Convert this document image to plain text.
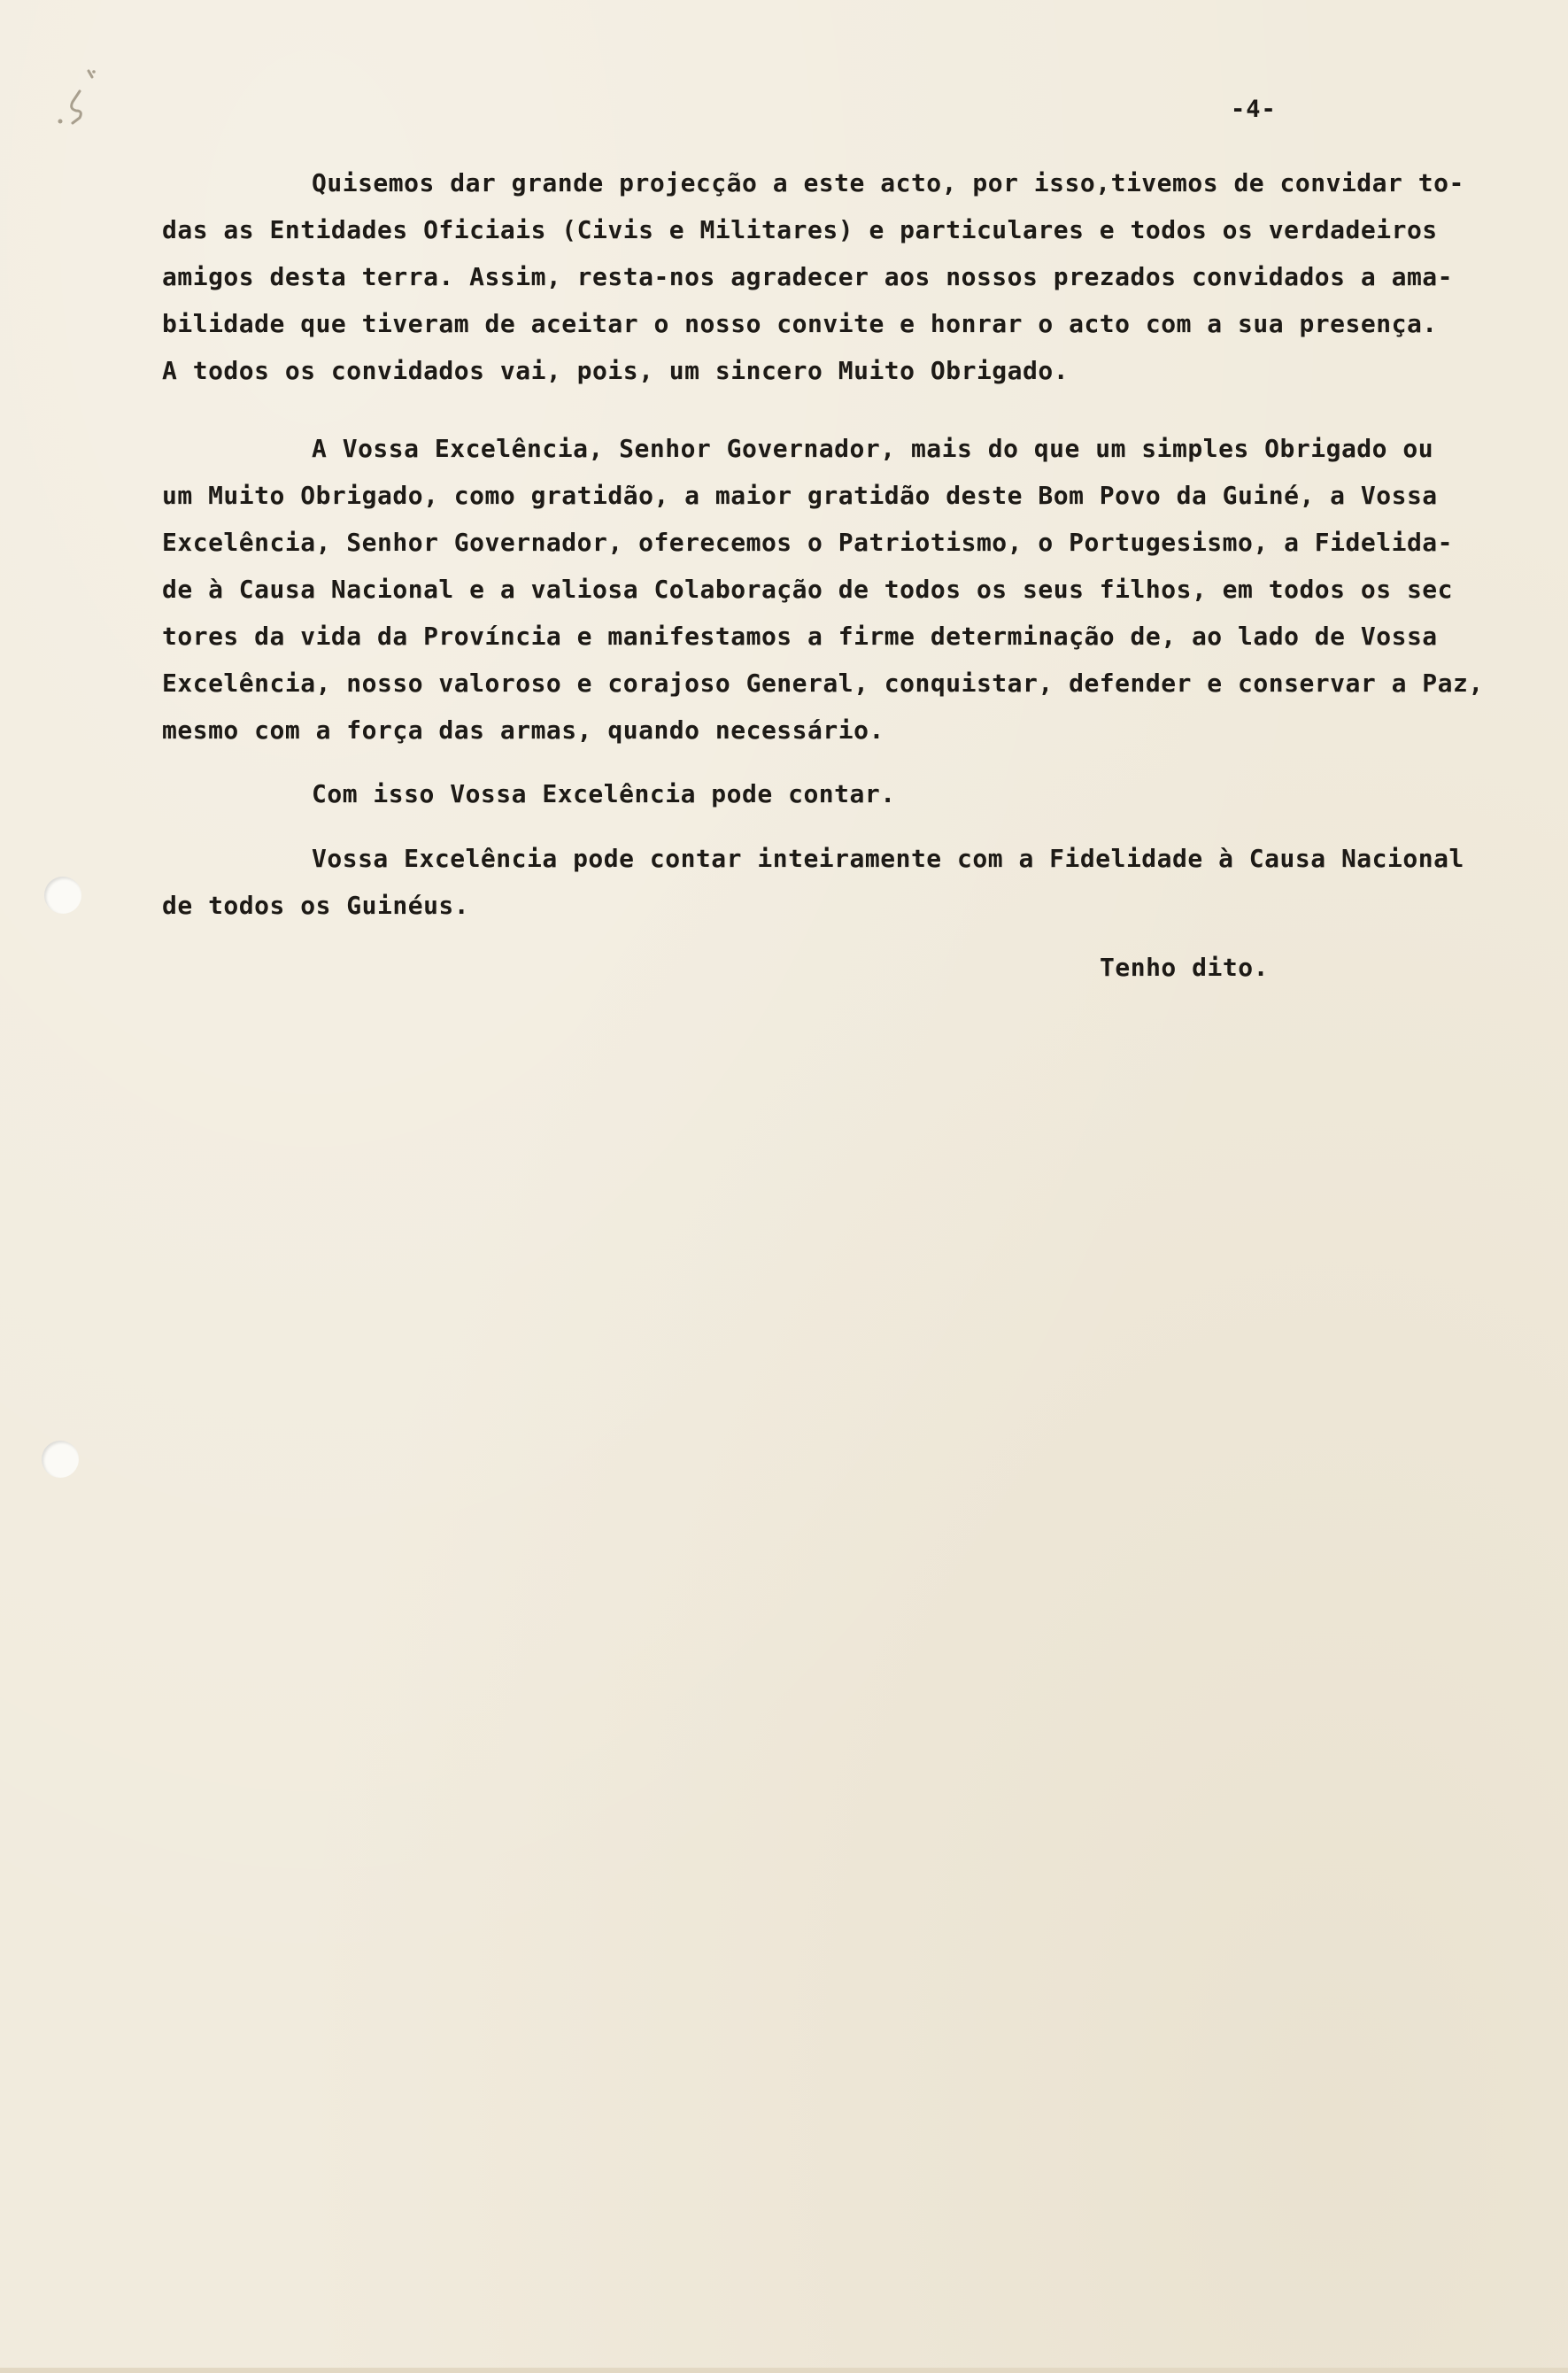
-4-
Quisemos dar grande projecção a este acto, por isso,tivemos de convidar to-
das as Entidades Oficiais (Civis e Militares) e particulares e todos os verdadeiros
amigos desta terra. Assim, resta-nos agradecer aos nossos prezados convidados a ama-
bilidade que tiveram de aceitar o nosso convite e honrar o acto com a sua presença.
A todos os convidados vai, pois, um sincero Muito Obrigado.
A Vossa Excelência, Senhor Governador, mais do que um simples Obrigado ou
um Muito Obrigado, como gratidão, a maior gratidão deste Bom Povo da Guiné, a Vossa
Excelência, Senhor Governador, oferecemos o Patriotismo, o Portugesismo, a Fidelida-
de à Causa Nacional e a valiosa Colaboração de todos os seus filhos, em todos os sec
tores da vida da Província e manifestamos a firme determinação de, ao lado de Vossa
Excelência, nosso valoroso e corajoso General, conquistar, defender e conservar a Paz,
mesmo com a força das armas, quando necessário.
Com isso Vossa Excelência pode contar.
Vossa Excelência pode contar inteiramente com a Fidelidade à Causa Nacional
de todos os Guinéus.
Tenho dito.
